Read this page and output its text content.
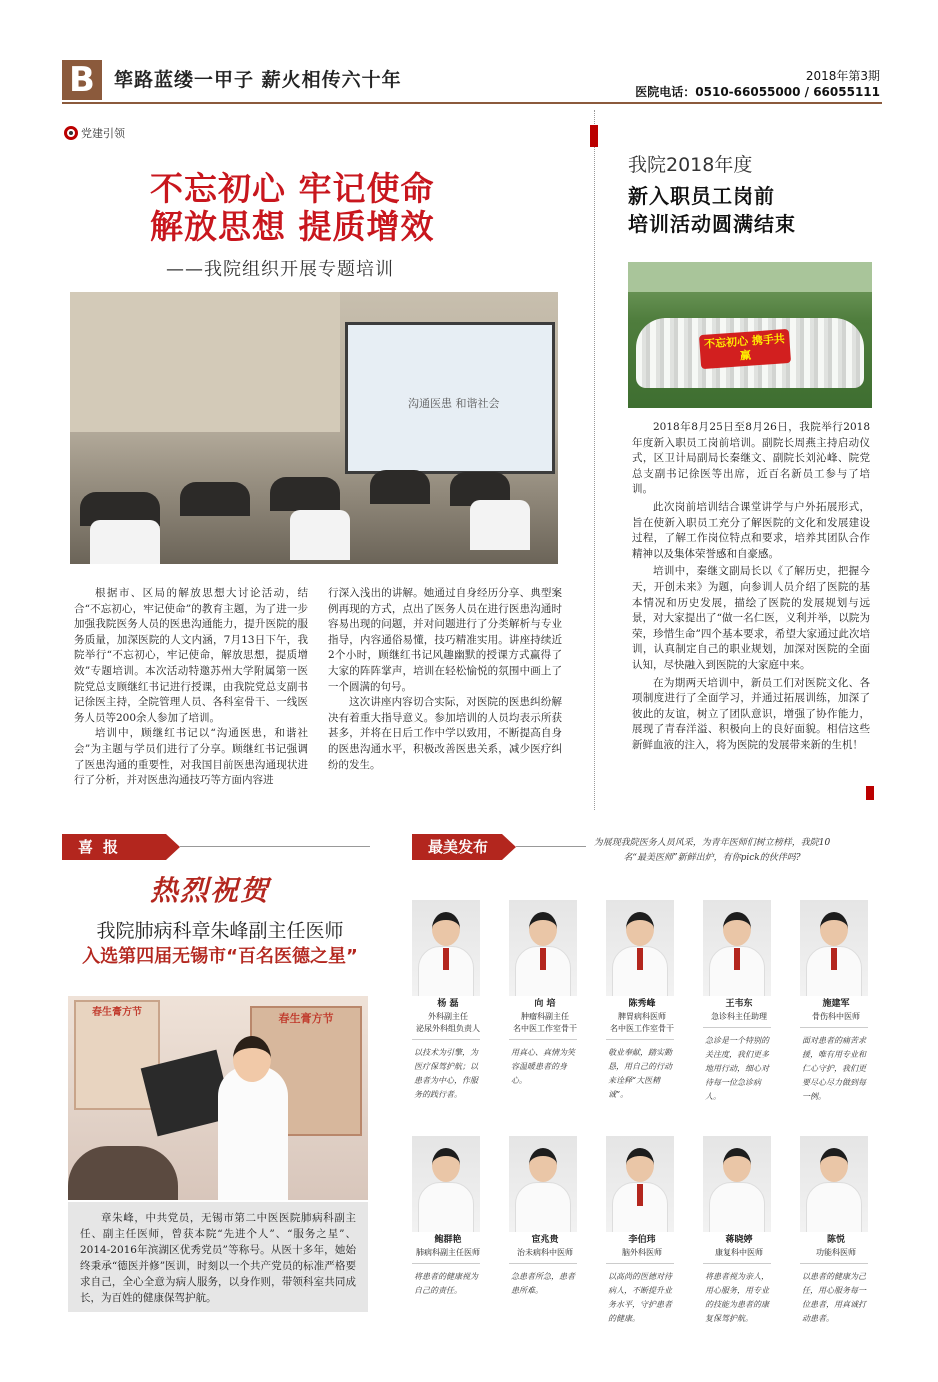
B	筚路蓝缕一甲子 薪火相传六十年	2018年第3期
医院电话：0510-66055000 / 66055111
党建引领
不忘初心 牢记使命
解放思想 提质增效
——我院组织开展专题培训
沟通医患 和谐社会

根据市、区局的解放思想大讨论活动，结合“不忘初心，牢记使命”的教育主题，为了进一步加强我院医务人员的医患沟通能力，提升医院的服务质量，加深医院的人文内涵，7月13日下午，我院举行“不忘初心，牢记使命，解放思想，提质增效”专题培训。本次活动特邀苏州大学附属第一医院党总支顾继红书记进行授课，由我院党总支副书记徐医主持，全院管理人员、各科室骨干、一线医务人员等200余人参加了培训。

培训中，顾继红书记以“沟通医患，和谐社会”为主题与学员们进行了分享。顾继红书记强调了医患沟通的重要性，对我国目前医患沟通现状进行了分析，并对医患沟通技巧等方面内容进

行深入浅出的讲解。她通过自身经历分享、典型案例再现的方式，点出了医务人员在进行医患沟通时容易出现的问题，并对问题进行了分类解析与专业指导，内容通俗易懂，技巧精准实用。讲座持续近2个小时，顾继红书记风趣幽默的授课方式赢得了大家的阵阵掌声，培训在轻松愉悦的氛围中画上了一个圆满的句号。

这次讲座内容切合实际，对医院的医患纠纷解决有着重大指导意义。参加培训的人员均表示所获甚多，并将在日后工作中学以致用，不断提高自身的医患沟通水平，积极改善医患关系，减少医疗纠纷的发生。

我院2018年度
新入职员工岗前
培训活动圆满结束
不忘初心 携手共赢

2018年8月25日至8月26日，我院举行2018年度新入职员工岗前培训。副院长周燕主持启动仪式，区卫计局副局长秦继文、副院长刘沁峰、院党总支副书记徐医等出席，近百名新员工参与了培训。

此次岗前培训结合课堂讲学与户外拓展形式，旨在使新入职员工充分了解医院的文化和发展建设过程，了解工作岗位特点和要求，培养其团队合作精神以及集体荣誉感和自豪感。

培训中，秦继文副局长以《了解历史，把握今天，开创未来》为题，向参训人员介绍了医院的基本情况和历史发展，描绘了医院的发展规划与远景，对大家提出了“做一名仁医，义利并举，以院为荣，珍惜生命”四个基本要求，希望大家通过此次培训，认真制定自己的职业规划，加深对医院的全面认知，尽快融入到医院的大家庭中来。

在为期两天培训中，新员工们对医院文化、各项制度进行了全面学习，并通过拓展训练，加深了彼此的友谊，树立了团队意识，增强了协作能力，展现了青春洋溢、积极向上的良好面貌。相信这些新鲜血液的注入，将为医院的发展带来新的生机！

喜报
热烈祝贺
我院肺病科章朱峰副主任医师
入选第四届无锡市“百名医德之星”
春生膏方节	春生膏方节

章朱峰，中共党员，无锡市第二中医医院肺病科副主任、副主任医师，曾获本院“先进个人”、“服务之星”、2014-2016年滨湖区优秀党员”等称号。从医十多年，她始终秉承“德医并修”医训，时刻以一个共产党员的标准严格要求自己，全心全意为病人服务，以身作则，带领科室共同成长，为百姓的健康保驾护航。

最美发布	为展现我院医务人员风采，为青年医师们树立榜样，我院10名“最美医师”新鲜出炉，有你pick的伙伴吗?
杨 磊
外科副主任
泌尿外科组负责人
以技术为引擎，为医疗保驾护航；以患者为中心，作服务的践行者。
向 培
肿瘤科副主任
名中医工作室骨干
用真心、真情为笑容温暖患者的身心。
陈秀峰
脾胃病科医师
名中医工作室骨干
敬业奉献，踏实勤恳，用自己的行动来诠释“大医精诚”。
王韦东
急诊科主任助理
急诊是一个特别的关注度，我们更多地用行动，细心对待每一位急诊病人。
施建军
骨伤科中医师
面对患者的痛苦求援，唯有用专业和仁心守护，我们更要尽心尽力做到每一例。
鲍群艳
肺病科副主任医师
将患者的健康视为自己的责任。
宦兆贵
治未病科中医师
急患者所急，患者患所难。
李伯玮
脑外科医师
以高尚的医德对待病人，不断提升业务水平，守护患者的健康。
蒋晓婷
康复科中医师
将患者视为亲人，用心服务，用专业的技能为患者的康复保驾护航。
陈悦
功能科医师
以患者的健康为己任，用心服务每一位患者，用真诚打动患者。
